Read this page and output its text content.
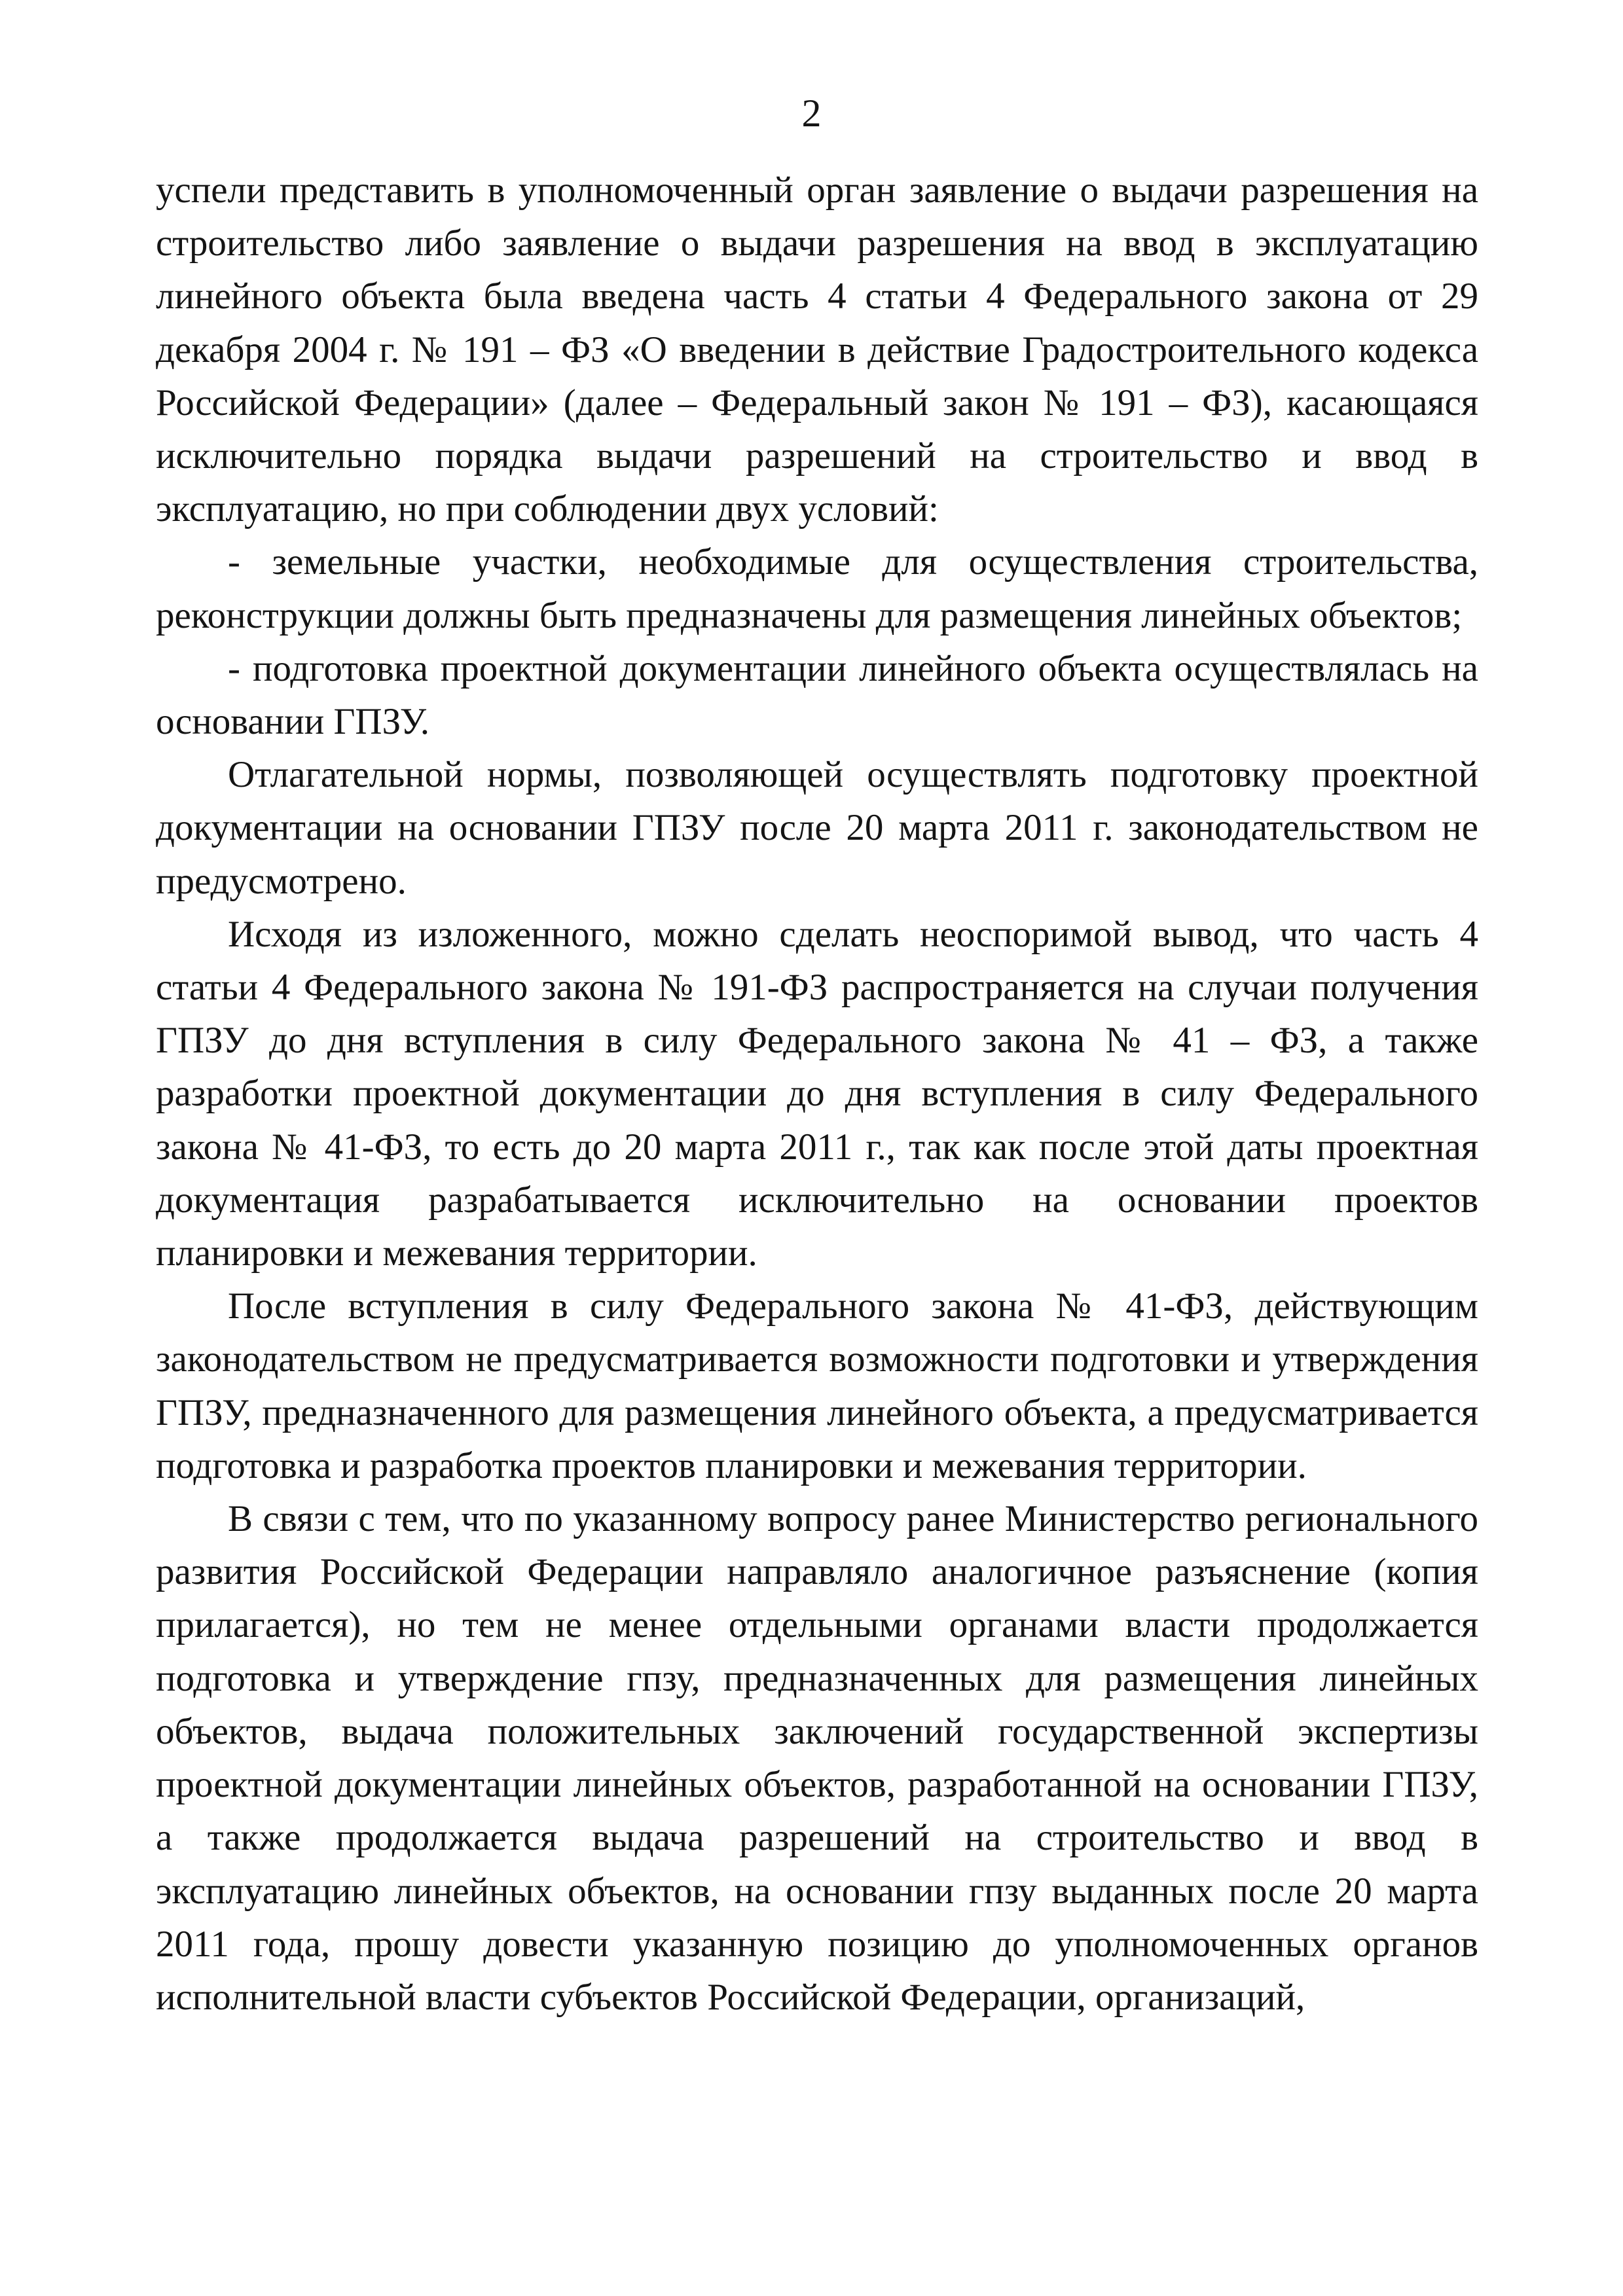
2

успели представить в уполномоченный орган заявление о выдачи разрешения на строительство либо заявление о выдачи разрешения на ввод в эксплуатацию линейного объекта была введена часть 4 статьи 4 Федерального закона от 29 декабря 2004 г. № 191 – ФЗ «О введении в действие Градостроительного кодекса Российской Федерации» (далее – Федеральный закон № 191 – ФЗ), касающаяся исключительно порядка выдачи разрешений на строительство и ввод в эксплуатацию, но при соблюдении двух условий:

- земельные участки, необходимые для осуществления строительства, реконструкции должны быть предназначены для размещения линейных объектов;

- подготовка проектной документации линейного объекта осуществлялась на основании ГПЗУ.

Отлагательной нормы, позволяющей осуществлять подготовку проектной документации на основании ГПЗУ после 20 марта 2011 г. законодательством не предусмотрено.

Исходя из изложенного, можно сделать неоспоримой вывод, что часть 4 статьи 4 Федерального закона № 191-ФЗ распространяется на случаи получения ГПЗУ до дня вступления в силу Федерального закона № 41 – ФЗ, а также разработки проектной документации до дня вступления в силу Федерального закона № 41-ФЗ, то есть до 20 марта 2011 г., так как после этой даты проектная документация разрабатывается исключительно на основании проектов планировки и межевания территории.

После вступления в силу Федерального закона № 41-ФЗ, действующим законодательством не предусматривается возможности подготовки и утверждения ГПЗУ, предназначенного для размещения линейного объекта, а предусматривается подготовка и разработка проектов планировки и межевания территории.

В связи с тем, что по указанному вопросу ранее Министерство регионального развития Российской Федерации направляло аналогичное разъяснение (копия прилагается), но тем не менее отдельными органами власти продолжается подготовка и утверждение гпзу, предназначенных для размещения линейных объектов, выдача положительных заключений государственной экспертизы проектной документации линейных объектов, разработанной на основании ГПЗУ, а также продолжается выдача разрешений на строительство и ввод в эксплуатацию линейных объектов, на основании гпзу выданных после 20 марта 2011 года, прошу довести указанную позицию до уполномоченных органов исполнительной власти субъектов Российской Федерации, организаций,
